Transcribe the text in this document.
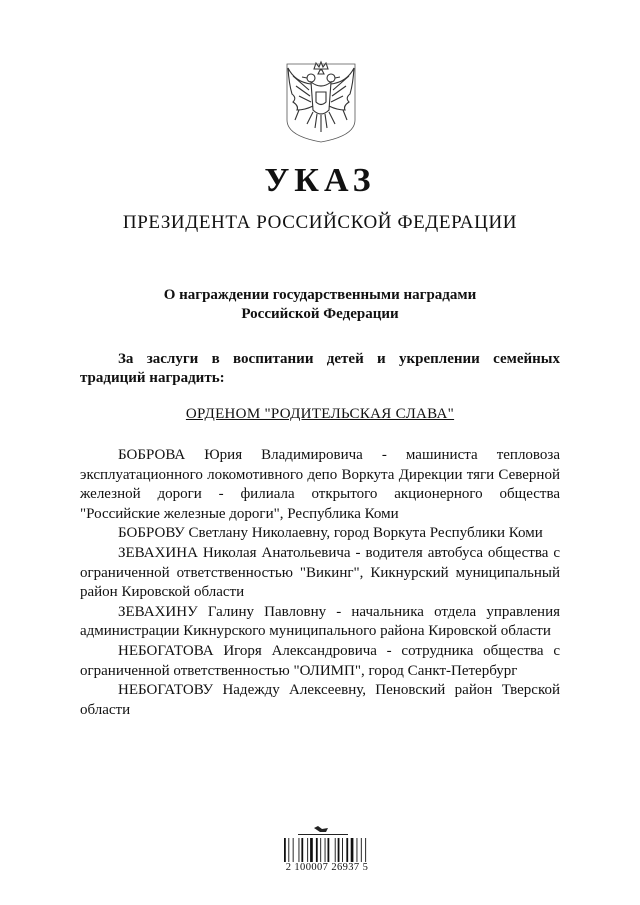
УКАЗ
ПРЕЗИДЕНТА РОССИЙСКОЙ ФЕДЕРАЦИИ
О награждении государственными наградами
Российской Федерации
За заслуги в воспитании детей и укреплении семейных традиций наградить:
ОРДЕНОМ "РОДИТЕЛЬСКАЯ СЛАВА"

БОБРОВА Юрия Владимировича - машиниста тепловоза эксплуатационного локомотивного депо Воркута Дирекции тяги Северной железной дороги - филиала открытого акционерного общества "Российские железные дороги", Республика Коми

БОБРОВУ Светлану Николаевну, город Воркута Республики Коми

ЗЕВАХИНА Николая Анатольевича - водителя автобуса общества с ограниченной ответственностью "Викинг", Кикнурский муниципальный район Кировской области

ЗЕВАХИНУ Галину Павловну - начальника отдела управления администрации Кикнурского муниципального района Кировской области

НЕБОГАТОВА Игоря Александровича - сотрудника общества с ограниченной ответственностью "ОЛИМП", город Санкт-Петербург

НЕБОГАТОВУ Надежду Алексеевну, Пеновский район Тверской области

2 100007 26937 5
